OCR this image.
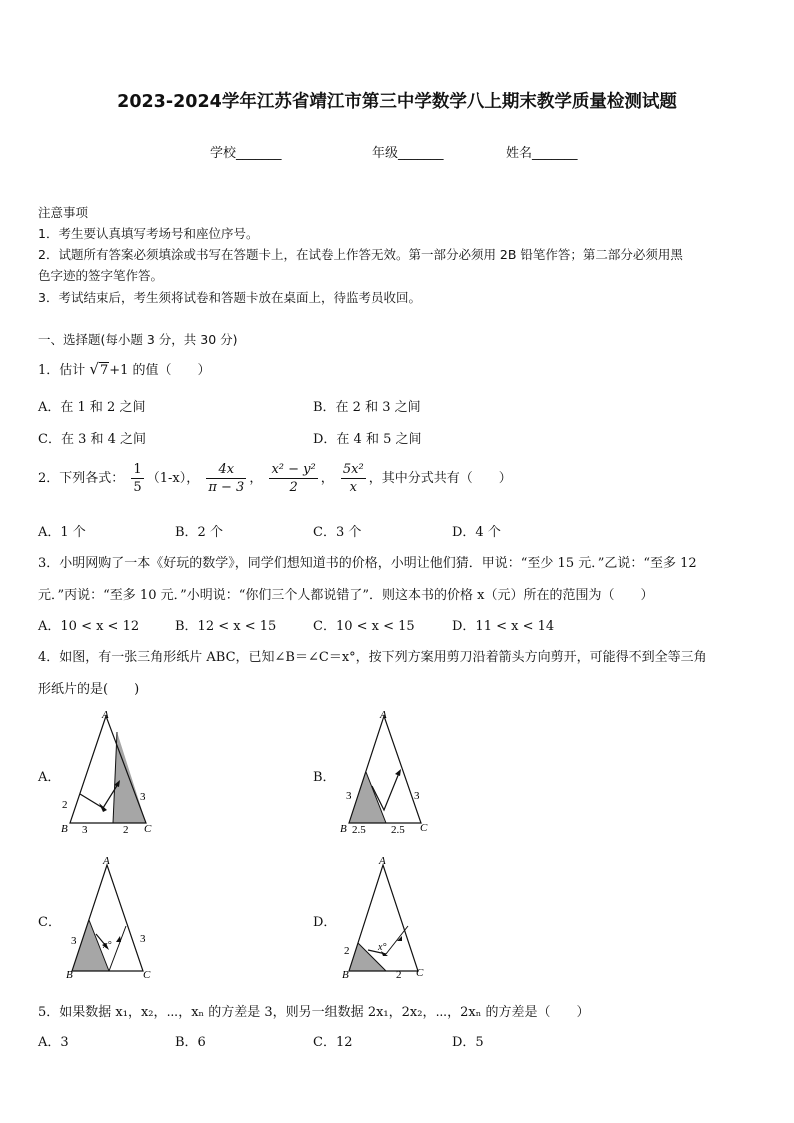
2023-2024学年江苏省靖江市第三中学数学八上期末教学质量检测试题
学校_______	年级_______	姓名_______
注意事项
1．考生要认真填写考场号和座位序号。
2．试题所有答案必须填涂或书写在答题卡上，在试卷上作答无效。第一部分必须用 2B 铅笔作答；第二部分必须用黑
色字迹的签字笔作答。
3．考试结束后，考生须将试卷和答题卡放在桌面上，待监考员收回。
一、选择题(每小题 3 分，共 30 分)
1．估计 √7+1 的值（　　）
A．在 1 和 2 之间	B．在 2 和 3 之间
C．在 3 和 4 之间	D．在 4 和 5 之间
2．下列各式： $\frac{1}{5} (1-x)$， $\frac{4x}{\pi - 3}$ ， $\frac{\text{x² − y²}}{2}$ ， $\frac{\text{5x²}}{x}$ ，其中分式共有（　　）
A．1 个	B．2 个	C．3 个	D．4 个
3．小明网购了一本《好玩的数学》，同学们想知道书的价格，小明让他们猜．甲说：“至少 15 元．”乙说：“至多 12
元．”丙说：“至多 10 元．”小明说：“你们三个人都说错了”．则这本书的价格 x（元）所在的范围为（　　）
A．10 < x < 12	B．12 < x < 15	C．10 < x < 15	D．11 < x < 14
4．如图，有一张三角形纸片 ABC，已知∠B＝∠C＝x°，按下列方案用剪刀沿着箭头方向剪开，可能得不到全等三角
形纸片的是(　　)
A．	B．
C．	D．
A
B	C
2
3	2
3
A
B	C
3	3
2.5 2.5
A
B	C
3	3
x°
A
B	C
2
2
x°
5．如果数据 x₁，x₂，⋯，xₙ 的方差是 3，则另一组数据 2x₁，2x₂，⋯，2xₙ 的方差是（　　）
A．3	B．6	C．12	D．5
